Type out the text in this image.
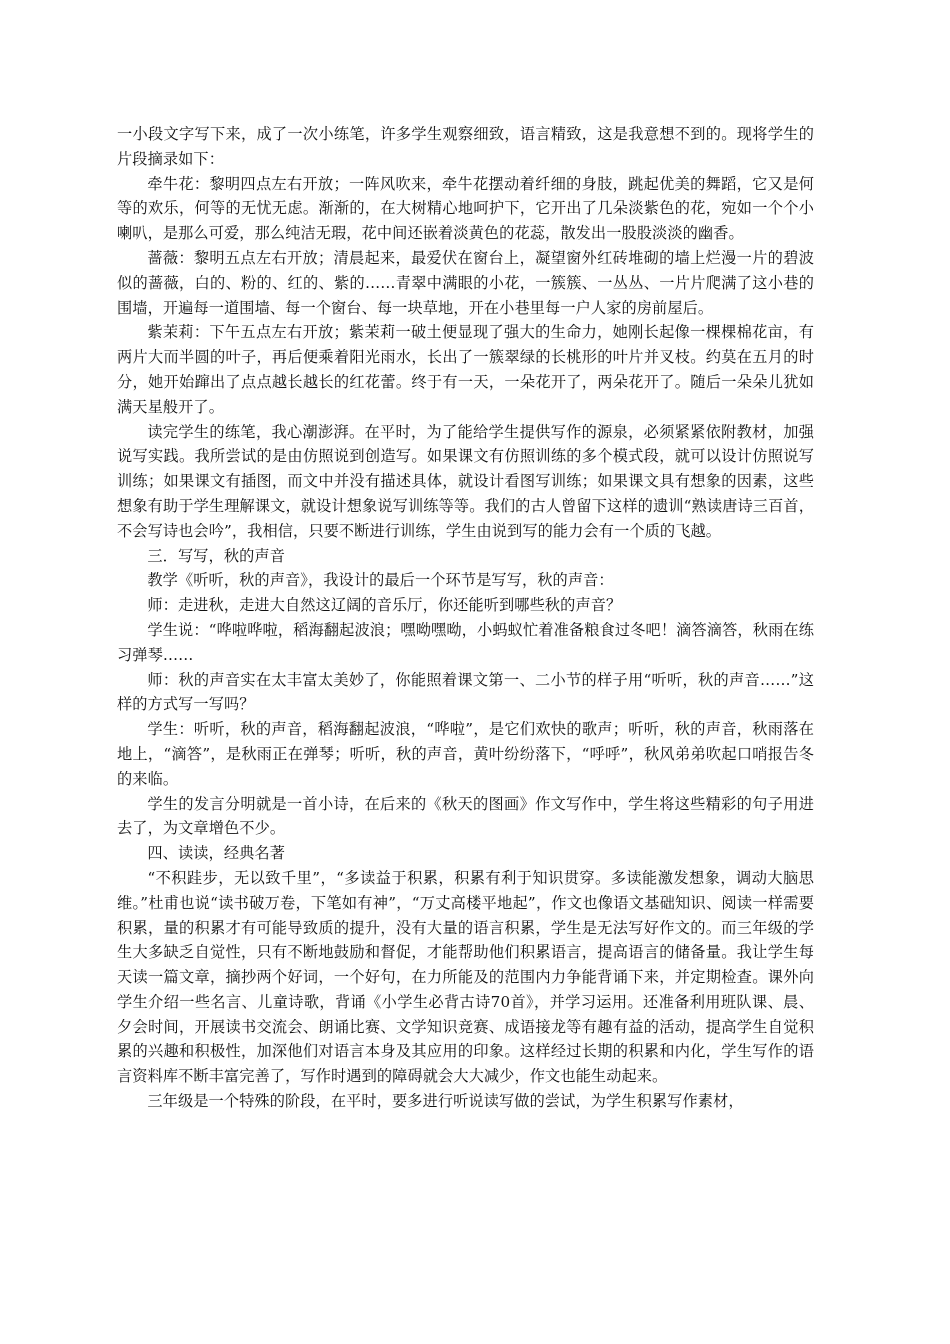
一小段文字写下来，成了一次小练笔，许多学生观察细致，语言精致，这是我意想不到的。现将学生的片段摘录如下：

牵牛花：黎明四点左右开放；一阵风吹来，牵牛花摆动着纤细的身肢，跳起优美的舞蹈，它又是何等的欢乐，何等的无忧无虑。渐渐的，在大树精心地呵护下，它开出了几朵淡紫色的花，宛如一个个小喇叭，是那么可爱，那么纯洁无瑕，花中间还嵌着淡黄色的花蕊，散发出一股股淡淡的幽香。

蔷薇：黎明五点左右开放；清晨起来，最爱伏在窗台上，凝望窗外红砖堆砌的墙上烂漫一片的碧波似的蔷薇，白的、粉的、红的、紫的……青翠中满眼的小花，一簇簇、一丛丛、一片片爬满了这小巷的围墙，开遍每一道围墙、每一个窗台、每一块草地，开在小巷里每一户人家的房前屋后。

紫茉莉：下午五点左右开放；紫茉莉一破土便显现了强大的生命力，她刚长起像一棵棵棉花亩，有两片大而半圆的叶子，再后便乘着阳光雨水，长出了一簇翠绿的长桃形的叶片并叉枝。约莫在五月的时分，她开始蹿出了点点越长越长的红花蕾。终于有一天，一朵花开了，两朵花开了。随后一朵朵儿犹如满天星般开了。

读完学生的练笔，我心潮澎湃。在平时，为了能给学生提供写作的源泉，必须紧紧依附教材，加强说写实践。我所尝试的是由仿照说到创造写。如果课文有仿照训练的多个模式段，就可以设计仿照说写训练；如果课文有插图，而文中并没有描述具体，就设计看图写训练；如果课文具有想象的因素，这些想象有助于学生理解课文，就设计想象说写训练等等。我们的古人曾留下这样的遗训“熟读唐诗三百首，不会写诗也会吟”，我相信，只要不断进行训练，学生由说到写的能力会有一个质的飞越。

三．写写，秋的声音

教学《听听，秋的声音》，我设计的最后一个环节是写写，秋的声音：

师：走进秋，走进大自然这辽阔的音乐厅，你还能听到哪些秋的声音？

学生说：“哗啦哗啦，稻海翻起波浪；嘿呦嘿呦，小蚂蚁忙着准备粮食过冬吧！滴答滴答，秋雨在练习弹琴……

师：秋的声音实在太丰富太美妙了，你能照着课文第一、二小节的样子用“听听，秋的声音……”这样的方式写一写吗？

学生：听听，秋的声音，稻海翻起波浪，“哗啦”，是它们欢快的歌声；听听，秋的声音，秋雨落在地上，“滴答”，是秋雨正在弹琴；听听，秋的声音，黄叶纷纷落下，“呼呼”，秋风弟弟吹起口哨报告冬的来临。

学生的发言分明就是一首小诗，在后来的《秋天的图画》作文写作中，学生将这些精彩的句子用进去了，为文章增色不少。

四、读读，经典名著

“不积跬步，无以致千里”，“多读益于积累，积累有利于知识贯穿。多读能激发想象，调动大脑思维。”杜甫也说“读书破万卷，下笔如有神”，“万丈高楼平地起”，作文也像语文基础知识、阅读一样需要积累，量的积累才有可能导致质的提升，没有大量的语言积累，学生是无法写好作文的。而三年级的学生大多缺乏自觉性，只有不断地鼓励和督促，才能帮助他们积累语言，提高语言的储备量。我让学生每天读一篇文章，摘抄两个好词，一个好句，在力所能及的范围内力争能背诵下来，并定期检查。课外向学生介绍一些名言、儿童诗歌，背诵《小学生必背古诗70首》，并学习运用。还准备利用班队课、晨、夕会时间，开展读书交流会、朗诵比赛、文学知识竞赛、成语接龙等有趣有益的活动，提高学生自觉积累的兴趣和积极性，加深他们对语言本身及其应用的印象。这样经过长期的积累和内化，学生写作的语言资料库不断丰富完善了，写作时遇到的障碍就会大大减少，作文也能生动起来。

三年级是一个特殊的阶段，在平时，要多进行听说读写做的尝试，为学生积累写作素材，
